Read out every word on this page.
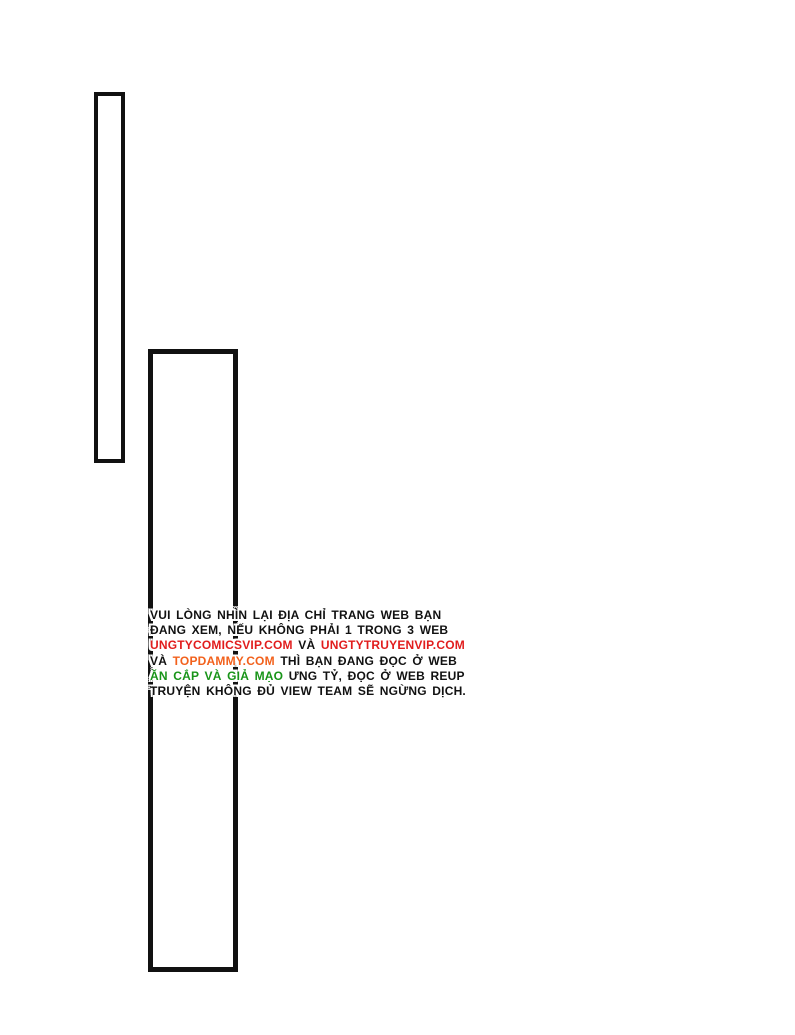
VUI LÒNG NHÌN LẠI ĐỊA CHỈ TRANG WEB BẠN
ĐANG XEM, NẾU KHÔNG PHẢI 1 TRONG 3 WEB
UNGTYCOMICSVIP.COM VÀ UNGTYTRUYENVIP.COM
VÀ TOPDAMMY.COM THÌ BẠN ĐANG ĐỌC Ở WEB
ĂN CẮP VÀ GIẢ MẠO ƯNG TỶ, ĐỌC Ở WEB REUP
TRUYỆN KHÔNG ĐỦ VIEW TEAM SẼ NGỪNG DỊCH.
